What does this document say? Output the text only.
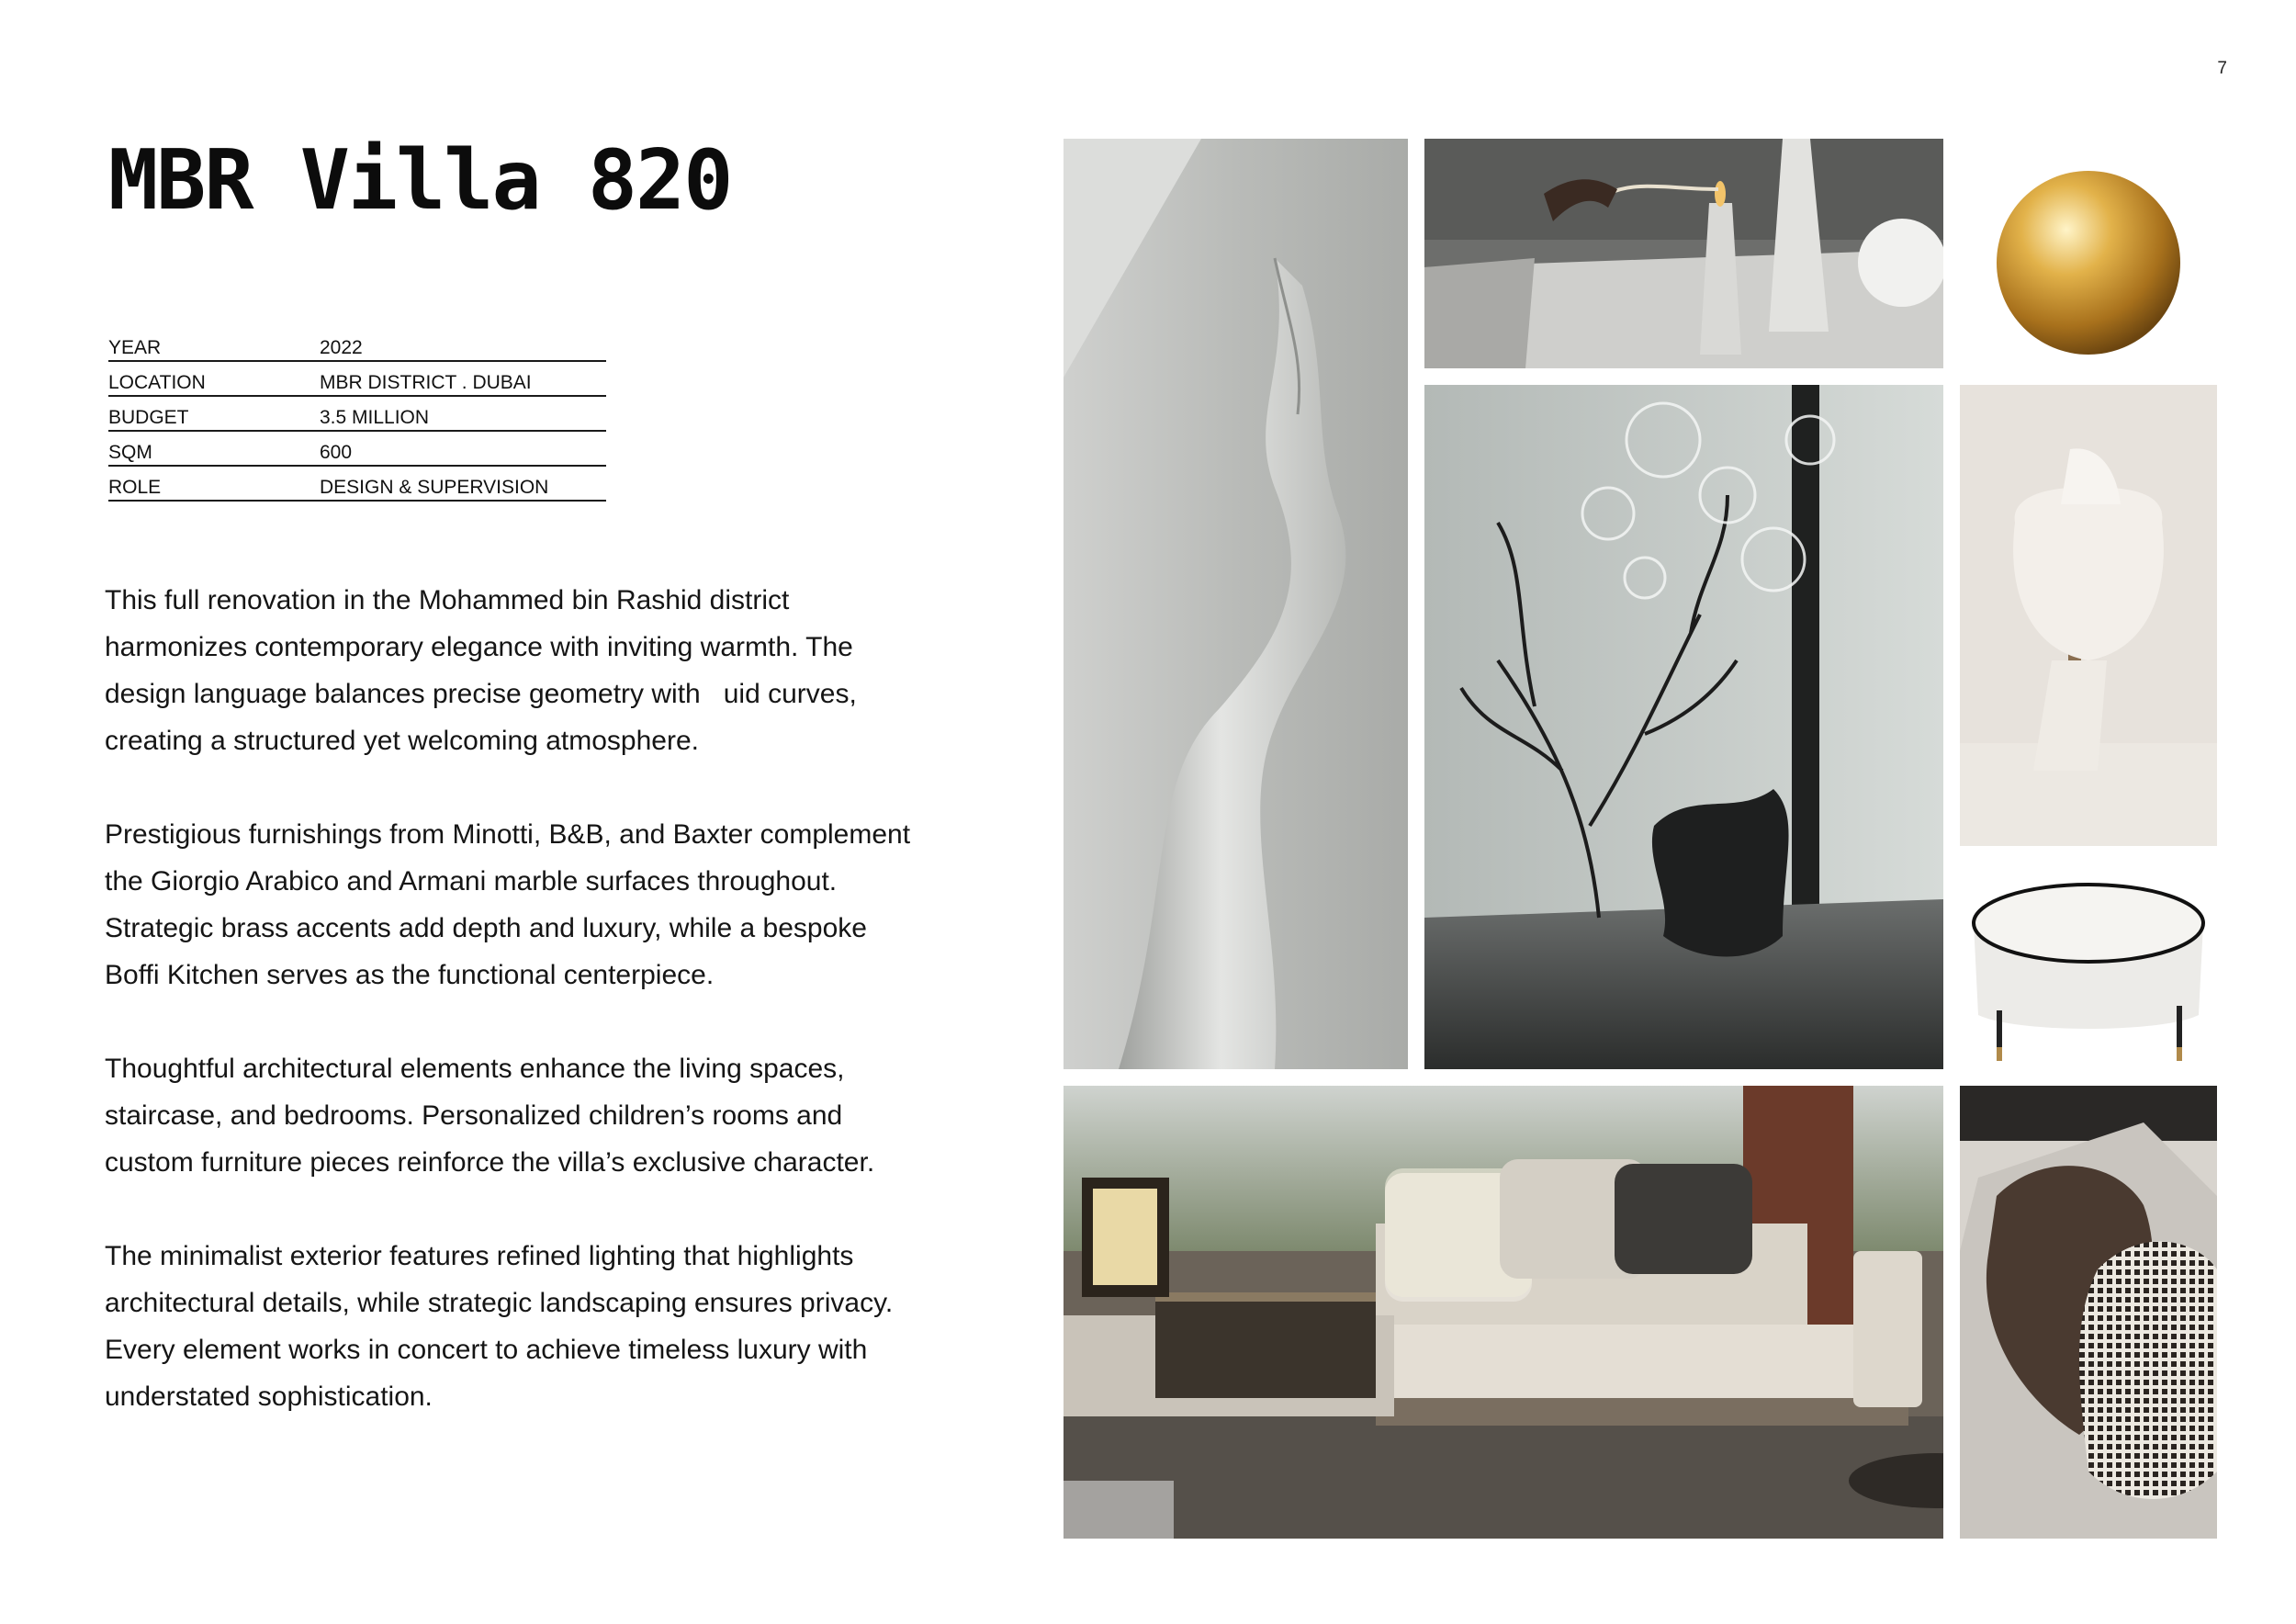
7
MBR Villa 820
YEAR	2022
LOCATION	MBR DISTRICT . DUBAI
BUDGET	3.5 MILLION
SQM	600
ROLE	DESIGN & SUPERVISION

This full renovation in the Mohammed bin Rashid district harmonizes contemporary elegance with inviting warmth. The design language balances precise geometry with   uid curves, creating a structured yet welcoming atmosphere.

Prestigious furnishings from Minotti, B&B, and Baxter complement the Giorgio Arabico and Armani marble surfaces throughout. Strategic brass accents add depth and luxury, while a bespoke Boffi Kitchen serves as the functional centerpiece.

Thoughtful architectural elements enhance the living spaces, staircase, and bedrooms. Personalized children’s rooms and custom furniture pieces reinforce the villa’s exclusive character.

The minimalist exterior features refined lighting that highlights architectural details, while strategic landscaping ensures privacy. Every element works in concert to achieve timeless luxury with understated sophistication.
